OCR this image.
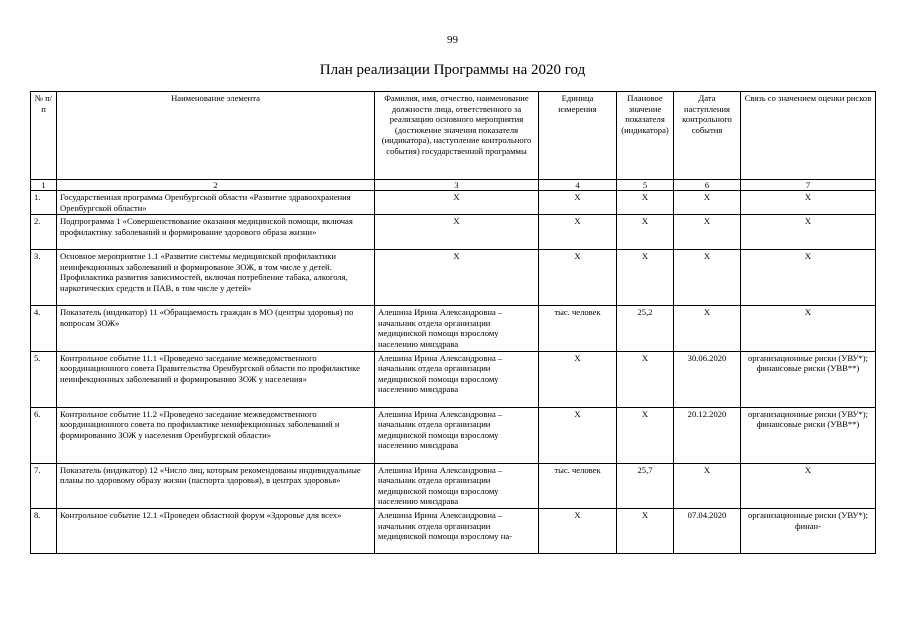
99
План реализации Программы на 2020 год
№ п/п	Наименование элемента	Фамилия, имя, отчество, наименование должности лица, ответственного за реализацию основного мероприятия (достижение значения показателя (индикатора), наступление контрольного события) государственной программы	Единица измерения	Плановое значение показателя (индикатора)	Дата наступления контрольного события	Связь со значением оценки рисков
1	2	3	4	5	6	7
1.	Государственная программа Оренбургской области «Развитие здравоохранения Оренбургской области»	Х	Х	Х	Х	Х
2.	Подпрограмма 1 «Совершенствование оказания медицинской помощи, включая профилактику заболеваний и формирование здорового образа жизни»	Х	Х	Х	Х	Х
3.	Основное мероприятие 1.1 «Развитие системы медицинской профилактики неинфекционных заболеваний и формирование ЗОЖ, в том числе у детей. Профилактика развития зависимостей, включая потребление табака, алкоголя, наркотических средств и ПАВ, в том числе у детей»	Х	Х	Х	Х	Х
4.	Показатель (индикатор) 11 «Обращаемость граждан в МО (центры здоровья) по вопросам ЗОЖ»	Алешина Ирина Александровна – начальник отдела организации медицинской помощи взрослому населению минздрава	тыс. человек	25,2	Х	Х
5.	Контрольное событие 11.1 «Проведено заседание межведомственного координационного совета Правительства Оренбургской области по профилактике неинфекционных заболеваний и формированию ЗОЖ у населения»	Алешина Ирина Александровна – начальник отдела организации медицинской помощи взрослому населению минздрава	Х	Х	30.06.2020	организационные риски (УВУ*); финансовые риски (УВВ**)
6.	Контрольное событие 11.2 «Проведено заседание межведомственного координационного совета по профилактике неинфекционных заболеваний и формированию ЗОЖ у населения Оренбургской области»	Алешина Ирина Александровна – начальник отдела организации медицинской помощи взрослому населению минздрава	Х	Х	20.12.2020	организационные риски (УВУ*); финансовые риски (УВВ**)
7.	Показатель (индикатор) 12 «Число лиц, которым рекомендованы индивидуальные планы по здоровому образу жизни (паспорта здоровья), в центрах здоровья»	Алешина Ирина Александровна – начальник отдела организации медицинской помощи взрослому населению минздрава	тыс. человек	25,7	Х	Х
8.	Контрольное событие 12.1 «Проведен областной форум «Здоровье для всех»	Алешина Ирина Александровна – начальник отдела организации медицинской помощи взрослому на-	Х	Х	07.04.2020	организационные риски (УВУ*); финан-
